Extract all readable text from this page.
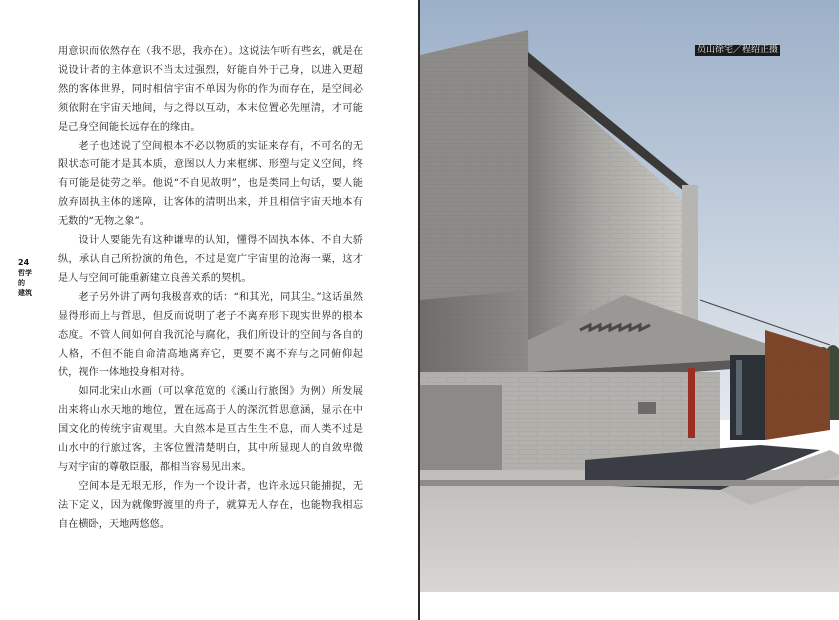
24
哲学
的
建筑

用意识而依然存在（我不思，我亦在）。这说法乍听有些玄，就是在说设计者的主体意识不当太过强烈，好能自外于己身，以进入更超然的客体世界，同时相信宇宙不单因为你的作为而存在，是空间必须依附在宇宙天地间，与之得以互动，本末位置必先厘清，才可能是己身空间能长远存在的缘由。

老子也述说了空间根本不必以物质的实证来存有，不可名的无限状态可能才是其本质，意图以人力来框绑、形塑与定义空间，终有可能是徒劳之举。他说“不自见故明”，也是类同上句话，要人能放弃固执主体的迷障，让客体的清明出来，并且相信宇宙天地本有无数的“无物之象”。

设计人要能先有这种谦卑的认知，懂得不固执本体、不自大骄纵，承认自己所扮演的角色，不过是宽广宇宙里的沧海一粟，这才是人与空间可能重新建立良善关系的契机。

老子另外讲了两句我极喜欢的话：“和其光，同其尘。”这话虽然显得形而上与哲思，但反而说明了老子不离弃形下现实世界的根本态度。不管人间如何自我沉沦与腐化，我们所设计的空间与各自的人格，不但不能自命清高地离弃它，更要不离不弃与之同俯仰起伏，视作一体地投身相对待。

如同北宋山水画（可以拿范宽的《溪山行旅图》为例）所发展出来将山水天地的地位，置在远高于人的深沉哲思意涵，显示在中国文化的传统宇宙观里。大自然本是亘古生生不息，而人类不过是山水中的行旅过客，主客位置清楚明白，其中所显现人的自敛卑微与对宇宙的尊敬臣服，都相当容易见出来。

空间本是无垠无形，作为一个设计者，也许永远只能捕捉，无法下定义，因为就像野渡里的舟子，就算无人存在，也能物我相忘自在横卧，天地两悠悠。

员山徐宅／程绍正摄
